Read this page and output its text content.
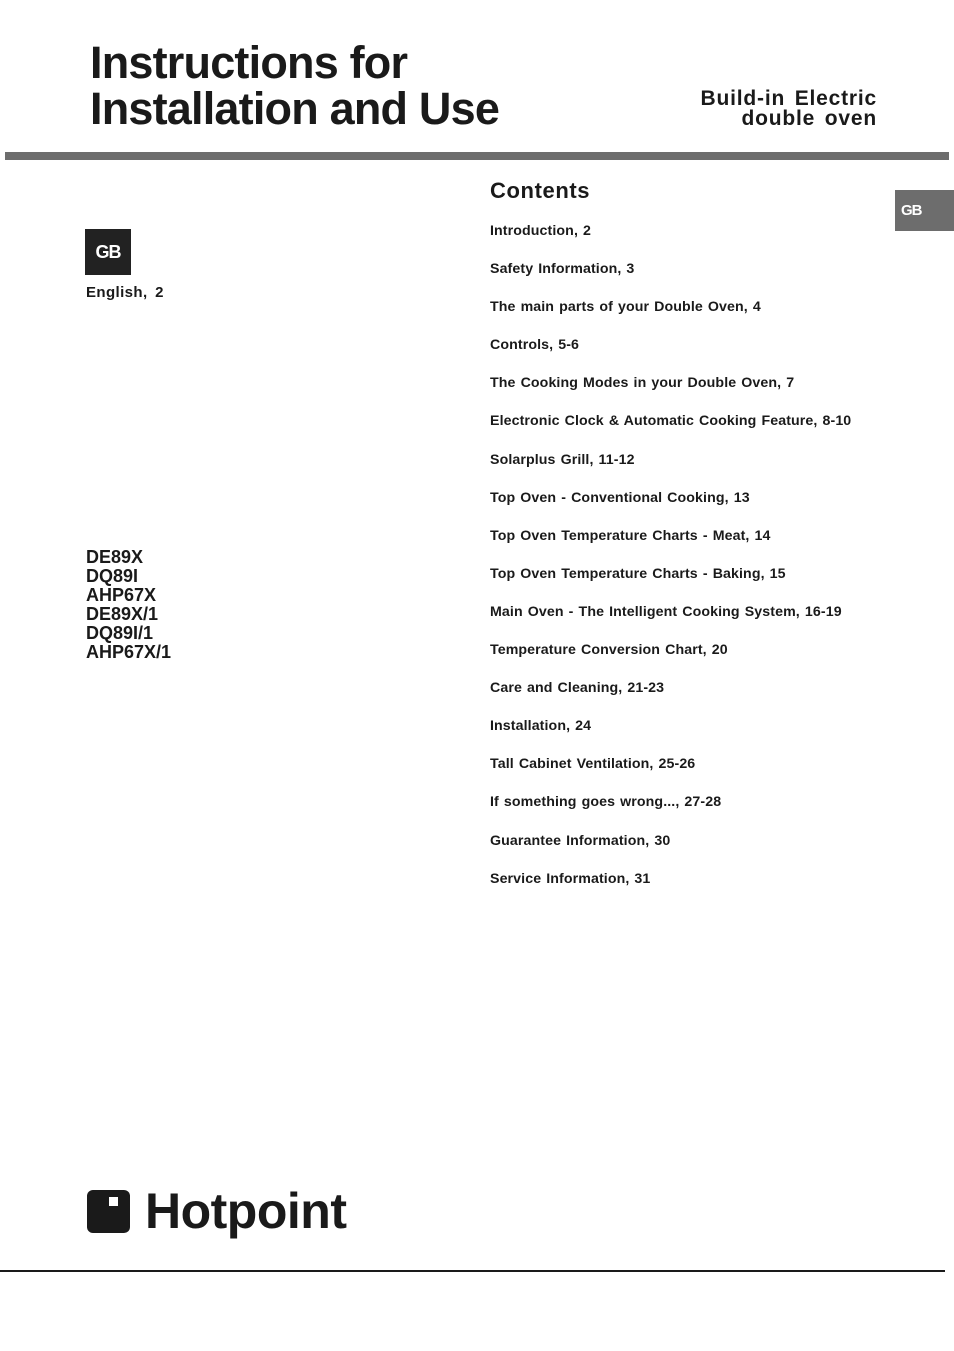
Instructions for
Installation and Use	Build-in Electric
double oven
GB
English, 2
DE89X
DQ89I
AHP67X
DE89X/1
DQ89I/1
AHP67X/1
Contents
Introduction, 2
Safety Information, 3
The main parts of your Double Oven, 4
Controls, 5-6
The Cooking Modes in your Double Oven, 7
Electronic Clock & Automatic Cooking Feature, 8-10
Solarplus Grill, 11-12
Top Oven - Conventional Cooking, 13
Top Oven Temperature Charts - Meat, 14
Top Oven Temperature Charts - Baking, 15
Main Oven - The Intelligent Cooking System, 16-19
Temperature Conversion Chart, 20
Care and Cleaning, 21-23
Installation, 24
Tall Cabinet Ventilation, 25-26
If something goes wrong..., 27-28
Guarantee Information, 30
Service Information, 31
GB
Hotpoint
